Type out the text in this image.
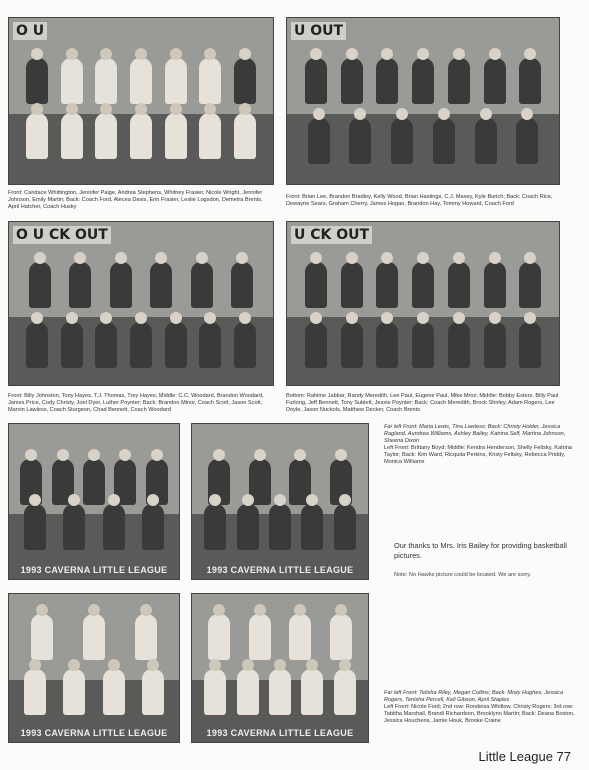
O U
Front: Candace Whittington, Jennifer Paige, Andrea Stephens, Whitney Frasier, Nicole Wright, Jennifer Johnson, Emily Martin; Back: Coach Ford, Alecea Davis, Erin Frasier, Leslie Logsdon, Demetra Brents, April Hatcher, Coach Husky
U OUT
Front: Brian Lee, Brandon Bradley, Kelly Wood, Brian Hastings, C.J. Maxey, Kyle Burich; Back: Coach Rice, Dewayne Sears, Graham Cherry, James Hogan, Brandon Hay, Tommy Howard, Coach Ford
O U CK OUT
Front: Billy Johnston, Tony Hayes, T.J. Thomas, Trey Hayes; Middle: C.C. Woodard, Brandon Woodard, James Price, Cody Christy, Joel Dyer, Luther Poynter; Back: Brandon Minor, Coach Scott, Jason Scott, Marvin Lawless, Coach Sturgeon, Chad Bennett, Coach Woodard
U CK OUT
Bottom: Rahime Jabbar, Randy Meredith, Lee Paul, Eugene Paul, Mike Mroz; Middle: Bobby Esters, Billy Paul Furlong, Jeff Bennett, Tony Sublett, Jessie Poynter; Back: Coach Meredith, Brock Shirley, Adam Rogers, Lee Doyle, Jason Nuckols, Matthew Decker, Coach Brents
1993 CAVERNA LITTLE LEAGUE	1993 CAVERNA LITTLE LEAGUE
Far left Front: Maria Lewis, Tina Lawless; Back: Christy Holder, Jessica Ragland, Aundrea Williams, Ashley Bailey, Katrina Self, Martina Johnson, Sheena Dixon
Left Front: Brittany Boyd; Middle: Kendra Henderson, Shelly Feltsky, Katrina Taylor; Back: Kim Ward, Ricquita Perkins, Kristy Feltsky, Rebecca Priddy, Monica Williams
Our thanks to Mrs. Iris Bailey for providing basketball pictures.
Note: No Hawks picture could be located. We are sorry.
1993 CAVERNA LITTLE LEAGUE	1993 CAVERNA LITTLE LEAGUE
Far left Front: Telisha Riley, Megan Collins; Back: Misty Hughes, Jessica Rogers, Tenisha Percell, Keli Gibson, April Staples
Left Front: Nicole Ford; 2nd row: Rondeisa Whitlow, Christy Rogers; 3rd row: Tabitha Marshall, Brandi Richardson, Brooklynn Martin; Back: Deana Boston, Jessica Houchens, Jamie Houk, Brooke Craine
Little League 77
